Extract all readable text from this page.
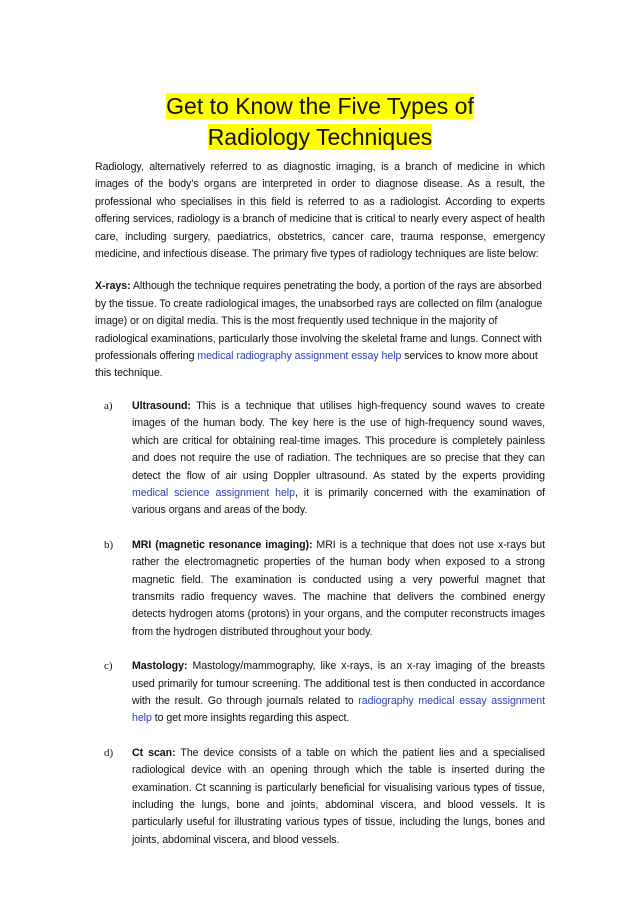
Get to Know the Five Types of
Radiology Techniques

Radiology, alternatively referred to as diagnostic imaging, is a branch of medicine in which images of the body’s organs are interpreted in order to diagnose disease. As a result, the professional who specialises in this field is referred to as a radiologist. According to experts offering services, radiology is a branch of medicine that is critical to nearly every aspect of health care, including surgery, paediatrics, obstetrics, cancer care, trauma response, emergency medicine, and infectious disease. The primary five types of radiology techniques are liste below:

X-rays: Although the technique requires penetrating the body, a portion of the rays are absorbed by the tissue. To create radiological images, the unabsorbed rays are collected on film (analogue image) or on digital media. This is the most frequently used technique in the majority of radiological examinations, particularly those involving the skeletal frame and lungs. Connect with professionals offering medical radiography assignment essay help services to know more about this technique.

a) Ultrasound: This is a technique that utilises high-frequency sound waves to create images of the human body. The key here is the use of high-frequency sound waves, which are critical for obtaining real-time images. This procedure is completely painless and does not require the use of radiation. The techniques are so precise that they can detect the flow of air using Doppler ultrasound. As stated by the experts providing medical science assignment help, it is primarily concerned with the examination of various organs and areas of the body.

b) MRI (magnetic resonance imaging): MRI is a technique that does not use x-rays but rather the electromagnetic properties of the human body when exposed to a strong magnetic field. The examination is conducted using a very powerful magnet that transmits radio frequency waves. The machine that delivers the combined energy detects hydrogen atoms (protons) in your organs, and the computer reconstructs images from the hydrogen distributed throughout your body.

c) Mastology: Mastology/mammography, like x-rays, is an x-ray imaging of the breasts used primarily for tumour screening. The additional test is then conducted in accordance with the result. Go through journals related to radiography medical essay assignment help to get more insights regarding this aspect.

d) Ct scan: The device consists of a table on which the patient lies and a specialised radiological device with an opening through which the table is inserted during the examination. Ct scanning is particularly beneficial for visualising various types of tissue, including the lungs, bone and joints, abdominal viscera, and blood vessels. It is particularly useful for illustrating various types of tissue, including the lungs, bones and joints, abdominal viscera, and blood vessels.
